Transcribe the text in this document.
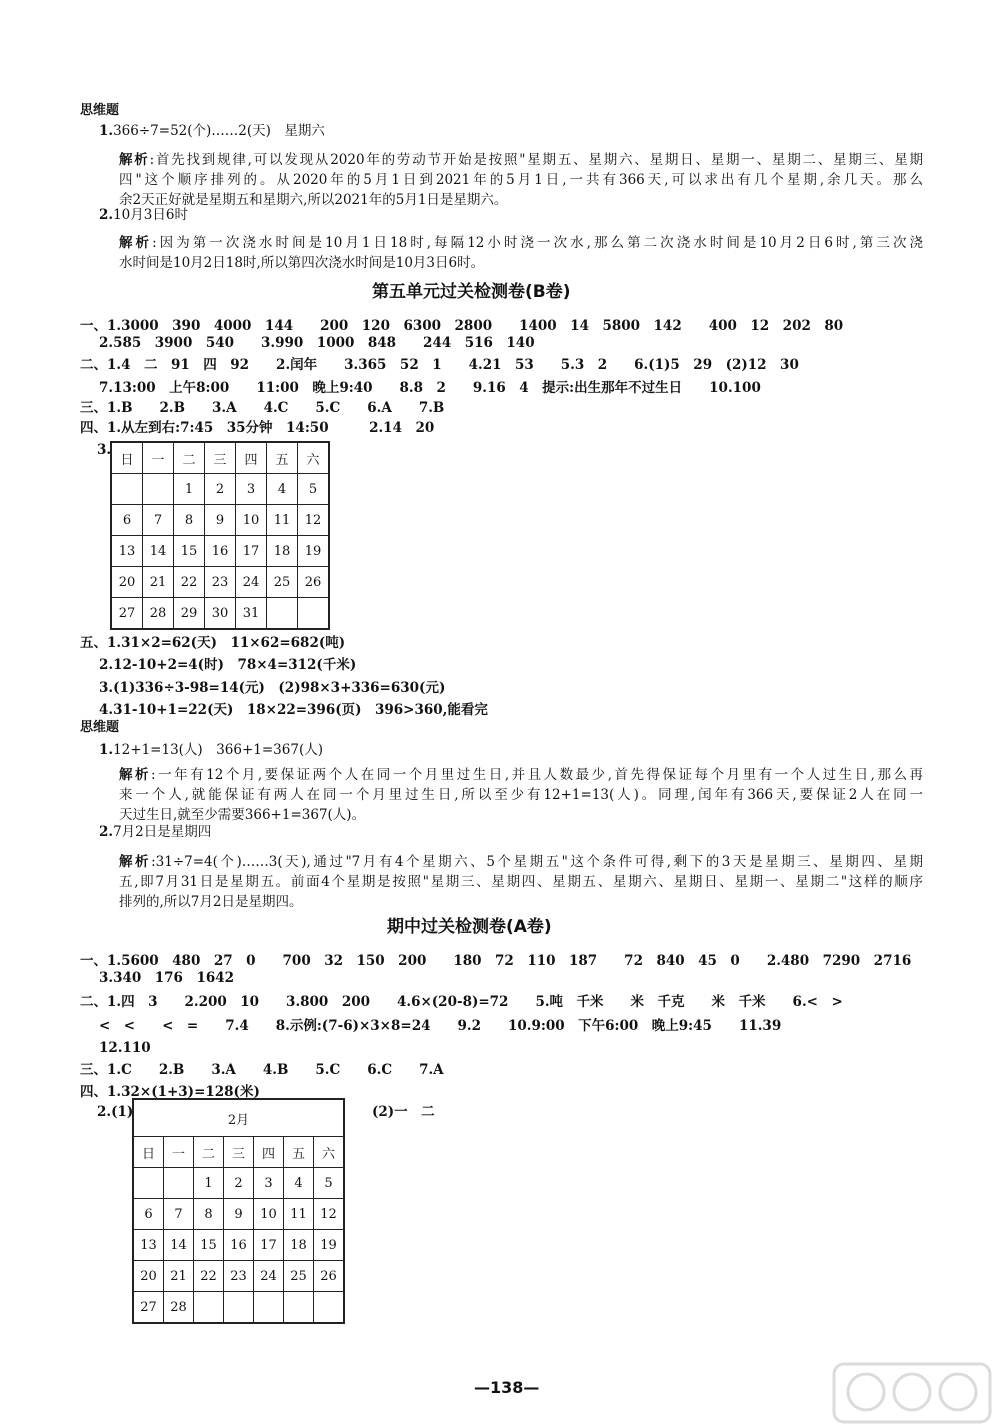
思维题
1.366÷7=52(个)……2(天)　星期六
解析:首先找到规律,可以发现从2020年的劳动节开始是按照"星期五、星期六、星期日、星期一、星期二、星期三、星期
四"这个顺序排列的。从2020年的5月1日到2021年的5月1日,一共有366天,可以求出有几个星期,余几天。那么
余2天正好就是星期五和星期六,所以2021年的5月1日是星期六。
2.10月3日6时
解析:因为第一次浇水时间是10月1日18时,每隔12小时浇一次水,那么第二次浇水时间是10月2日6时,第三次浇
水时间是10月2日18时,所以第四次浇水时间是10月3日6时。
第五单元过关检测卷(B卷)
一、1.3000　390　4000　144　　200　120　6300　2800　　1400　14　5800　142　　400　12　202　80
2.585　3900　540　　3.990　1000　848　　244　516　140
二、1.4　二　91　四　92　　2.闰年　　3.365　52　1　　4.21　53　　5.3　2　　6.(1)5　29　(2)12　30
7.13:00　上午8:00　　11:00　晚上9:40　　8.8　2　　9.16　4　提示:出生那年不过生日　　10.100
三、1.B　　2.B　　3.A　　4.C　　5.C　　6.A　　7.B
四、1.从左到右:7:45　35分钟　14:50　　　2.14　20
3.
日	一	二	三	四	五	六
		1	2	3	4	5
6	7	8	9	10	11	12
13	14	15	16	17	18	19
20	21	22	23	24	25	26
27	28	29	30	31		
五、1.31×2=62(天)　11×62=682(吨)
2.12-10+2=4(时)　78×4=312(千米)
3.(1)336÷3-98=14(元)　(2)98×3+336=630(元)
4.31-10+1=22(天)　18×22=396(页)　396>360,能看完
思维题
1.12+1=13(人)　366+1=367(人)
解析:一年有12个月,要保证两个人在同一个月里过生日,并且人数最少,首先得保证每个月里有一个人过生日,那么再
来一个人,就能保证有两人在同一个月里过生日,所以至少有12+1=13(人)。同理,闰年有366天,要保证2人在同一
天过生日,就至少需要366+1=367(人)。
2.7月2日是星期四
解析:31÷7=4(个)……3(天),通过"7月有4个星期六、5个星期五"这个条件可得,剩下的3天是星期三、星期四、星期
五,即7月31日是星期五。前面4个星期是按照"星期三、星期四、星期五、星期六、星期日、星期一、星期二"这样的顺序
排列的,所以7月2日是星期四。
期中过关检测卷(A卷)
一、1.5600　480　27　0　　700　32　150　200　　180　72　110　187　　72　840　45　0　　2.480　7290　2716
3.340　176　1642
二、1.四　3　　2.200　10　　3.800　200　　4.6×(20-8)=72　　5.吨　千米　　米　千克　　米　千米　　6.<　>
<　<　　<　=　　7.4　　8.示例:(7-6)×3×8=24　　9.2　　10.9:00　下午6:00　晚上9:45　　11.39
12.110
三、1.C　　2.B　　3.A　　4.B　　5.C　　6.C　　7.A
四、1.32×(1+3)=128(米)
2.(1)	(2)一　二
2月						
日	一	二	三	四	五	六
		1	2	3	4	5
6	7	8	9	10	11	12
13	14	15	16	17	18	19
20	21	22	23	24	25	26
27	28					
—138—
